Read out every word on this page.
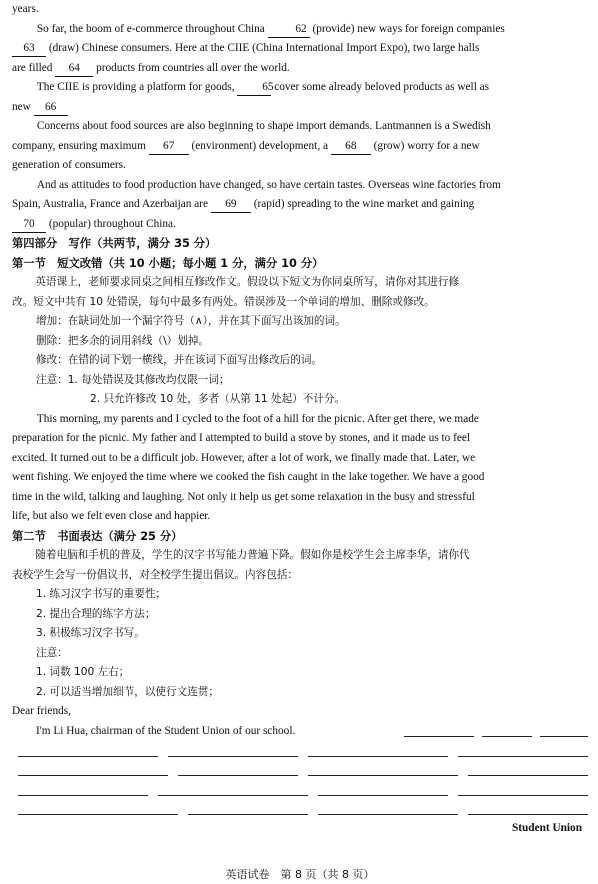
years.
So far, the boom of e-commerce throughout China	62 (provide) new ways for foreign companies
63 (draw) Chinese consumers. Here at the CIIE (China International Import Expo), two large halls
are filled 64 products from countries all over the world.
The CIIE is providing a platform for goods, 65 cover some already beloved products as well as
new 66
Concerns about food sources are also beginning to shape import demands. Lantmannen is a Swedish
company, ensuring maximum 67 (environment) development, a 68 (grow) worry for a new
generation of consumers.
And as attitudes to food production have changed, so have certain tastes. Overseas wine factories from
Spain, Australia, France and Azerbaijan are 69 (rapid) spreading to the wine market and gaining
70 (popular) throughout China.
第四部分　写作（共两节，满分 35 分）
第一节　短文改错（共 10 小题；每小题 1 分，满分 10 分）
英语课上，老师要求同桌之间相互修改作文。假设以下短文为你同桌所写，请你对其进行修
改。短文中共有 10 处错误，每句中最多有两处。错误涉及一个单词的增加、删除或修改。
增加：在缺词处加一个漏字符号（∧），并在其下面写出该加的词。
删除：把多余的词用斜线（\）划掉。
修改：在错的词下划一横线，并在该词下面写出修改后的词。
注意：1. 每处错误及其修改均仅限一词；
2. 只允许修改 10 处，多者（从第 11 处起）不计分。
This morning, my parents and I cycled to the foot of a hill for the picnic. After get there, we made
preparation for the picnic. My father and I attempted to build a stove by stones, and it made us to feel
excited. It turned out to be a difficult job. However, after a lot of work, we finally made that. Later, we
went fishing. We enjoyed the time where we cooked the fish caught in the lake together. We have a good
time in the wild, talking and laughing. Not only it help us get some relaxation in the busy and stressful
life, but also we felt even close and happier.
第二节　书面表达（满分 25 分）
随着电脑和手机的普及，学生的汉字书写能力普遍下降。假如你是校学生会主席李华，请你代
表校学生会写一份倡议书，对全校学生提出倡议。内容包括：
1. 练习汉字书写的重要性；
2. 提出合理的练字方法；
3. 积极练习汉字书写。
注意：
1. 词数 100 左右；
2. 可以适当增加细节，以使行文连贯；
Dear friends,
I'm Li Hua, chairman of the Student Union of our school.
Student Union
英语试卷　第 8 页（共 8 页）
